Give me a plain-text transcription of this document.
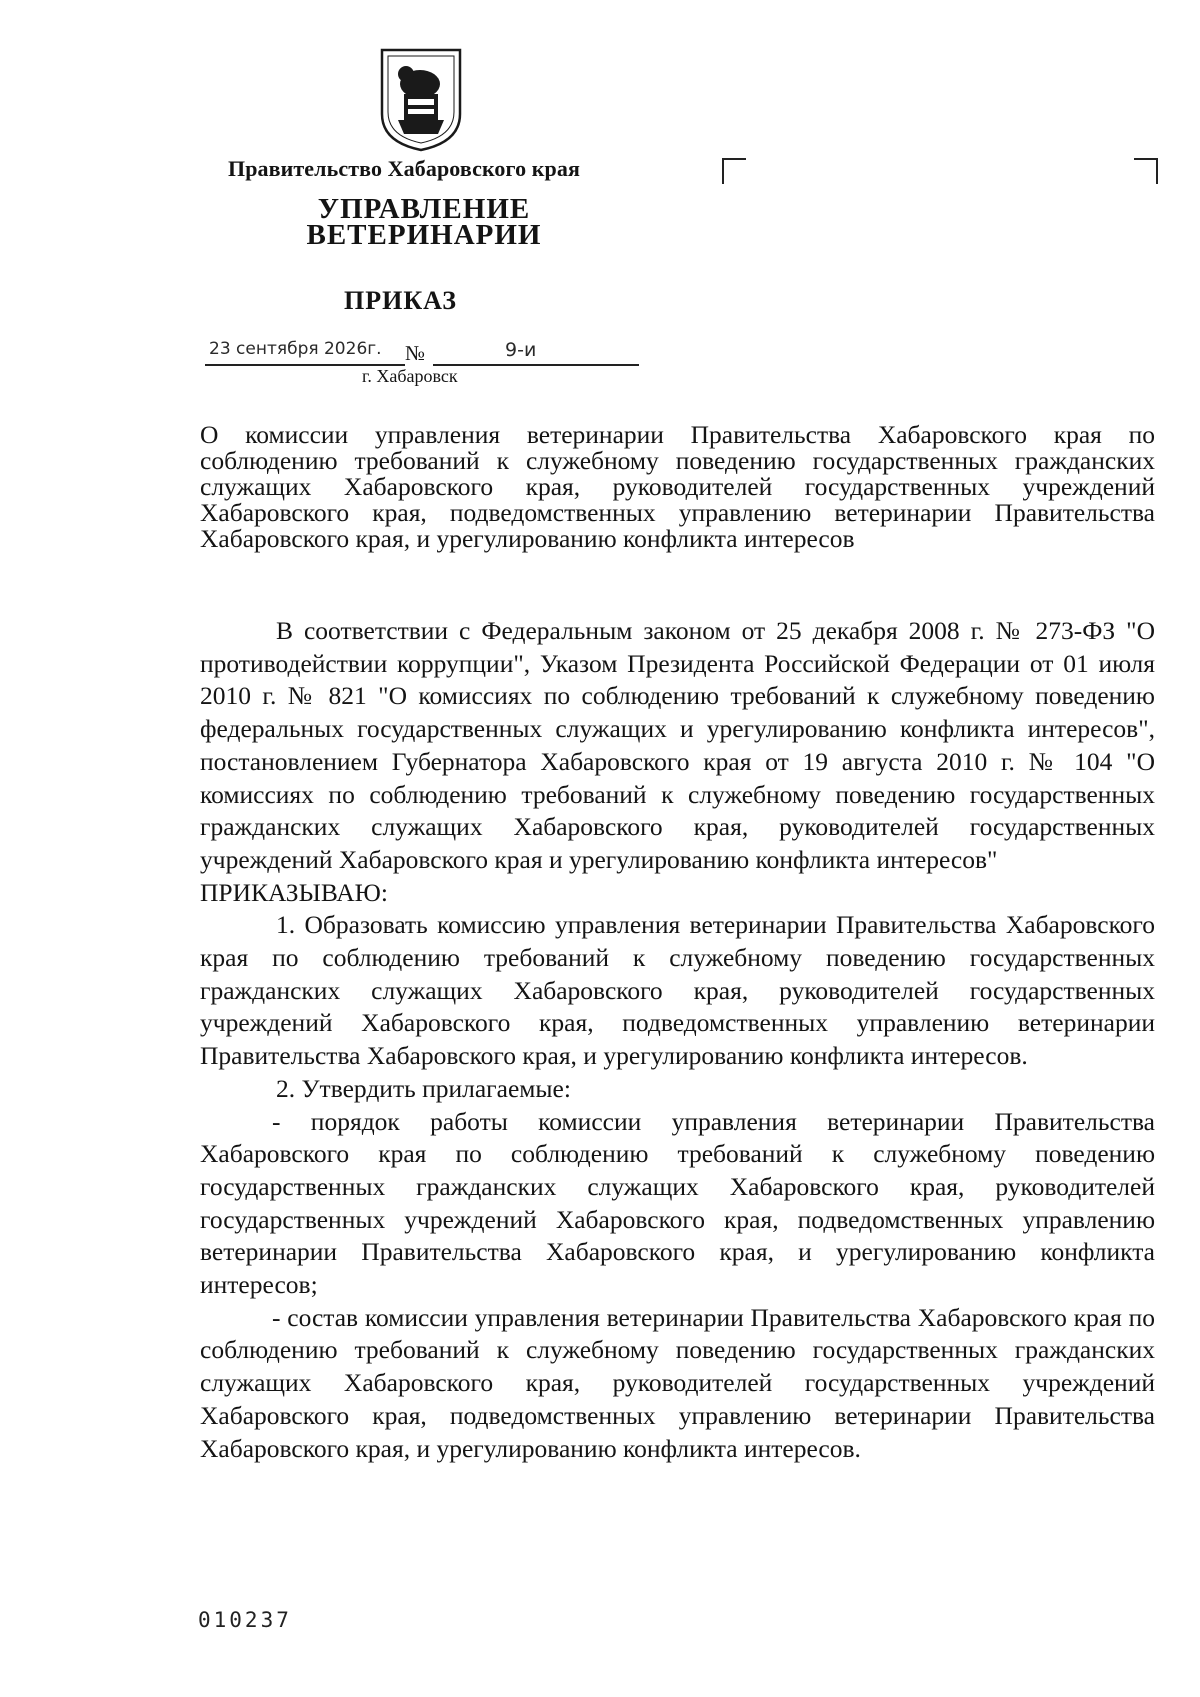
Правительство Хабаровского края
УПРАВЛЕНИЕ
ВЕТЕРИНАРИИ
ПРИКАЗ
23 сентября 2026г. №	9-и
г. Хабаровск
О комиссии управления ветеринарии Правительства Хабаровского края по соблюдению требований к служебному поведению государственных гражданских служащих Хабаровского края, руководителей государственных учреждений Хабаровского края, подведомственных управлению ветеринарии Правительства Хабаровского края, и урегулированию конфликта интересов

В соответствии с Федеральным законом от 25 декабря 2008 г. № 273-ФЗ "О противодействии коррупции", Указом Президента Российской Федерации от 01 июля 2010 г. № 821 "О комиссиях по соблюдению требований к служебному поведению федеральных государственных служащих и урегулированию конфликта интересов", постановлением Губернатора Хабаровского края от 19 августа 2010 г. № 104 "О комиссиях по соблюдению требований к служебному поведению государственных гражданских служащих Хабаровского края, руководителей государственных учреждений Хабаровского края и урегулированию конфликта интересов"

ПРИКАЗЫВАЮ:

1. Образовать комиссию управления ветеринарии Правительства Хабаровского края по соблюдению требований к служебному поведению государственных гражданских служащих Хабаровского края, руководителей государственных учреждений Хабаровского края, подведомственных управлению ветеринарии Правительства Хабаровского края, и урегулированию конфликта интересов.

2. Утвердить прилагаемые:

- порядок работы комиссии управления ветеринарии Правительства Хабаровского края по соблюдению требований к служебному поведению государственных гражданских служащих Хабаровского края, руководителей государственных учреждений Хабаровского края, подведомственных управлению ветеринарии Правительства Хабаровского края, и урегулированию конфликта интересов;

- состав комиссии управления ветеринарии Правительства Хабаровского края по соблюдению требований к служебному поведению государственных гражданских служащих Хабаровского края, руководителей государственных учреждений Хабаровского края, подведомственных управлению ветеринарии Правительства Хабаровского края, и урегулированию конфликта интересов.

010237
